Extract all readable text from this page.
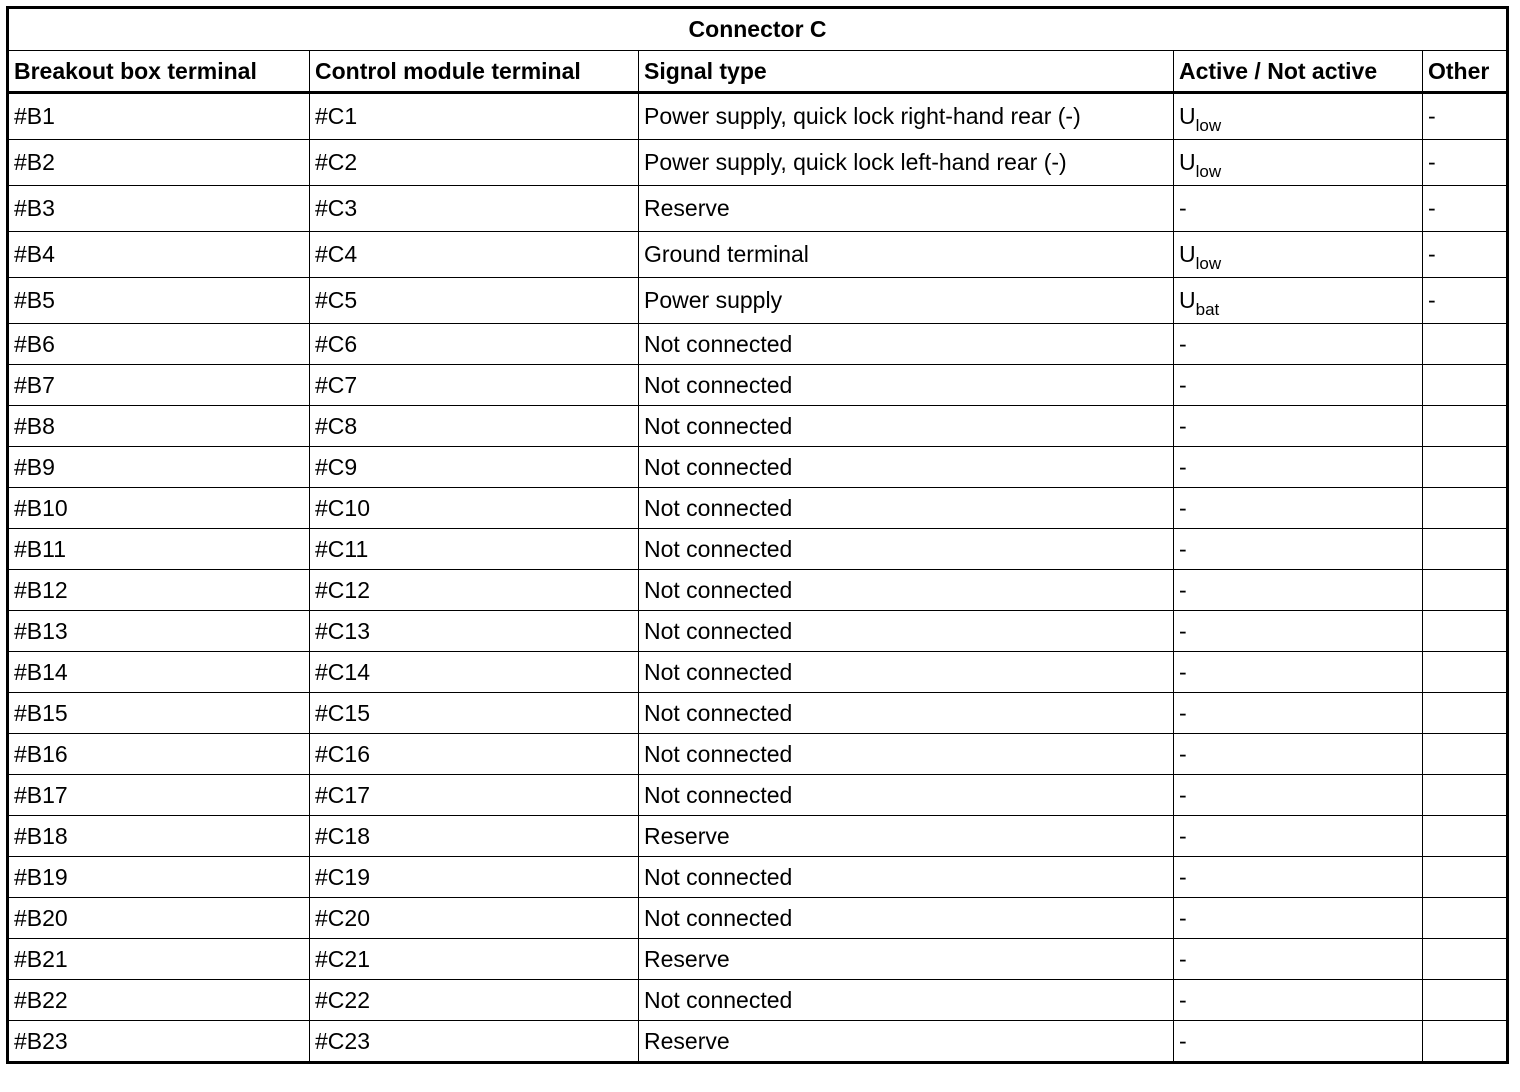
Connector C				
Breakout box terminal	Control module terminal	Signal type	Active / Not active	Other
#B1	#C1	Power supply, quick lock right-hand rear (-)	$U_{low}$	-
#B2	#C2	Power supply, quick lock left-hand rear (-)	$U_{low}$	-
#B3	#C3	Reserve	-	-
#B4	#C4	Ground terminal	$U_{low}$	-
#B5	#C5	Power supply	$U_{bat}$	-
#B6	#C6	Not connected	-	
#B7	#C7	Not connected	-	
#B8	#C8	Not connected	-	
#B9	#C9	Not connected	-	
#B10	#C10	Not connected	-	
#B11	#C11	Not connected	-	
#B12	#C12	Not connected	-	
#B13	#C13	Not connected	-	
#B14	#C14	Not connected	-	
#B15	#C15	Not connected	-	
#B16	#C16	Not connected	-	
#B17	#C17	Not connected	-	
#B18	#C18	Reserve	-	
#B19	#C19	Not connected	-	
#B20	#C20	Not connected	-	
#B21	#C21	Reserve	-	
#B22	#C22	Not connected	-	
#B23	#C23	Reserve	-	
